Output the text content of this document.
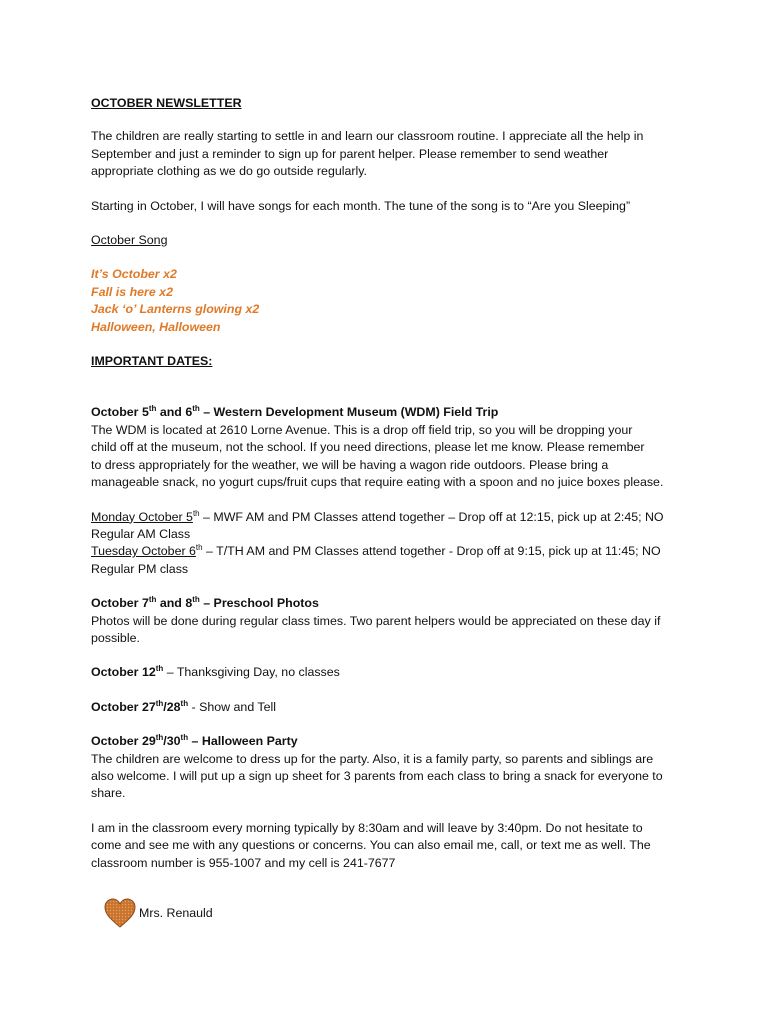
OCTOBER NEWSLETTER
The children are really starting to settle in and learn our classroom routine. I appreciate all the help in
September and just a reminder to sign up for parent helper. Please remember to send weather
appropriate clothing as we do go outside regularly.
Starting in October, I will have songs for each month. The tune of the song is to “Are you Sleeping”
October Song
It’s October x2
Fall is here x2
Jack ‘o’ Lanterns glowing x2
Halloween, Halloween
IMPORTANT DATES:
October 5th and 6th – Western Development Museum (WDM) Field Trip
The WDM is located at 2610 Lorne Avenue. This is a drop off field trip, so you will be dropping your
child off at the museum, not the school. If you need directions, please let me know. Please remember
to dress appropriately for the weather, we will be having a wagon ride outdoors. Please bring a
manageable snack, no yogurt cups/fruit cups that require eating with a spoon and no juice boxes please.
Monday October 5th – MWF AM and PM Classes attend together – Drop off at 12:15, pick up at 2:45; NO
Regular AM Class
Tuesday October 6th – T/TH AM and PM Classes attend together - Drop off at 9:15, pick up at 11:45; NO
Regular PM class
October 7th and 8th – Preschool Photos
Photos will be done during regular class times. Two parent helpers would be appreciated on these day if
possible.
October 12th – Thanksgiving Day, no classes
October 27th/28th - Show and Tell
October 29th/30th – Halloween Party
The children are welcome to dress up for the party. Also, it is a family party, so parents and siblings are
also welcome. I will put up a sign up sheet for 3 parents from each class to bring a snack for everyone to
share.
I am in the classroom every morning typically by 8:30am and will leave by 3:40pm. Do not hesitate to
come and see me with any questions or concerns. You can also email me, call, or text me as well. The
classroom number is 955-1007 and my cell is 241-7677
Mrs. Renauld
